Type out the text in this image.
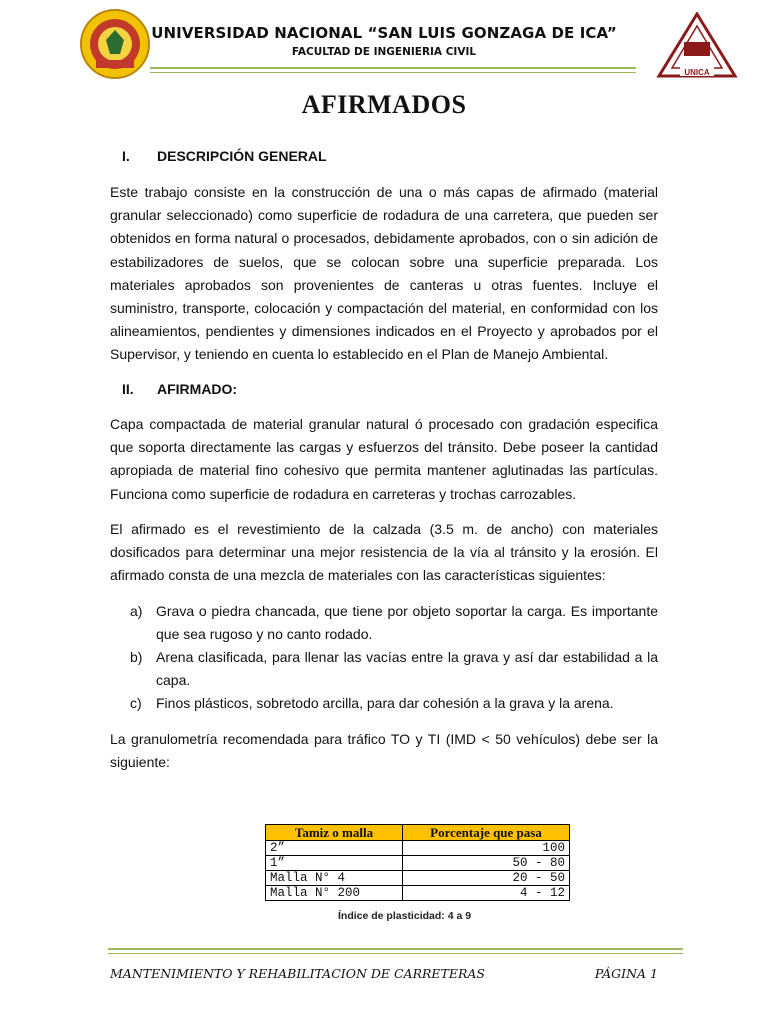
UNICA
UNIVERSIDAD NACIONAL “SAN LUIS GONZAGA DE ICA”
FACULTAD DE INGENIERIA CIVIL
AFIRMADOS
I. DESCRIPCIÓN GENERAL
Este trabajo consiste en la construcción de una o más capas de afirmado (material granular seleccionado) como superficie de rodadura de una carretera, que pueden ser obtenidos en forma natural o procesados, debidamente aprobados, con o sin adición de estabilizadores de suelos, que se colocan sobre una superficie preparada. Los materiales aprobados son provenientes de canteras u otras fuentes. Incluye el suministro, transporte, colocación y compactación del material, en conformidad con los alineamientos, pendientes y dimensiones indicados en el Proyecto y aprobados por el Supervisor, y teniendo en cuenta lo establecido en el Plan de Manejo Ambiental.
II. AFIRMADO:
Capa compactada de material granular natural ó procesado con gradación especifica que soporta directamente las cargas y esfuerzos del tránsito. Debe poseer la cantidad apropiada de material fino cohesivo que permita mantener aglutinadas las partículas. Funciona como superficie de rodadura en carreteras y trochas carrozables.
El afirmado es el revestimiento de la calzada (3.5 m. de ancho) con materiales dosificados para determinar una mejor resistencia de la vía al tránsito y la erosión. El afirmado consta de una mezcla de materiales con las características siguientes:
a) Grava o piedra chancada, que tiene por objeto soportar la carga. Es importante que sea rugoso y no canto rodado.
b) Arena clasificada, para llenar las vacías entre la grava y así dar estabilidad a la capa.
c) Finos plásticos, sobretodo arcilla, para dar cohesión a la grava y la arena.
La granulometría recomendada para tráfico TO y TI (IMD < 50 vehículos) debe ser la siguiente:
Tamiz o malla	Porcentaje que pasa
2”	100
1”	50 - 80
Malla N° 4	20 - 50
Malla N° 200	4 - 12
Índice de plasticidad: 4 a 9
MANTENIMIENTO Y REHABILITACION DE CARRETERAS	PÁGINA 1
